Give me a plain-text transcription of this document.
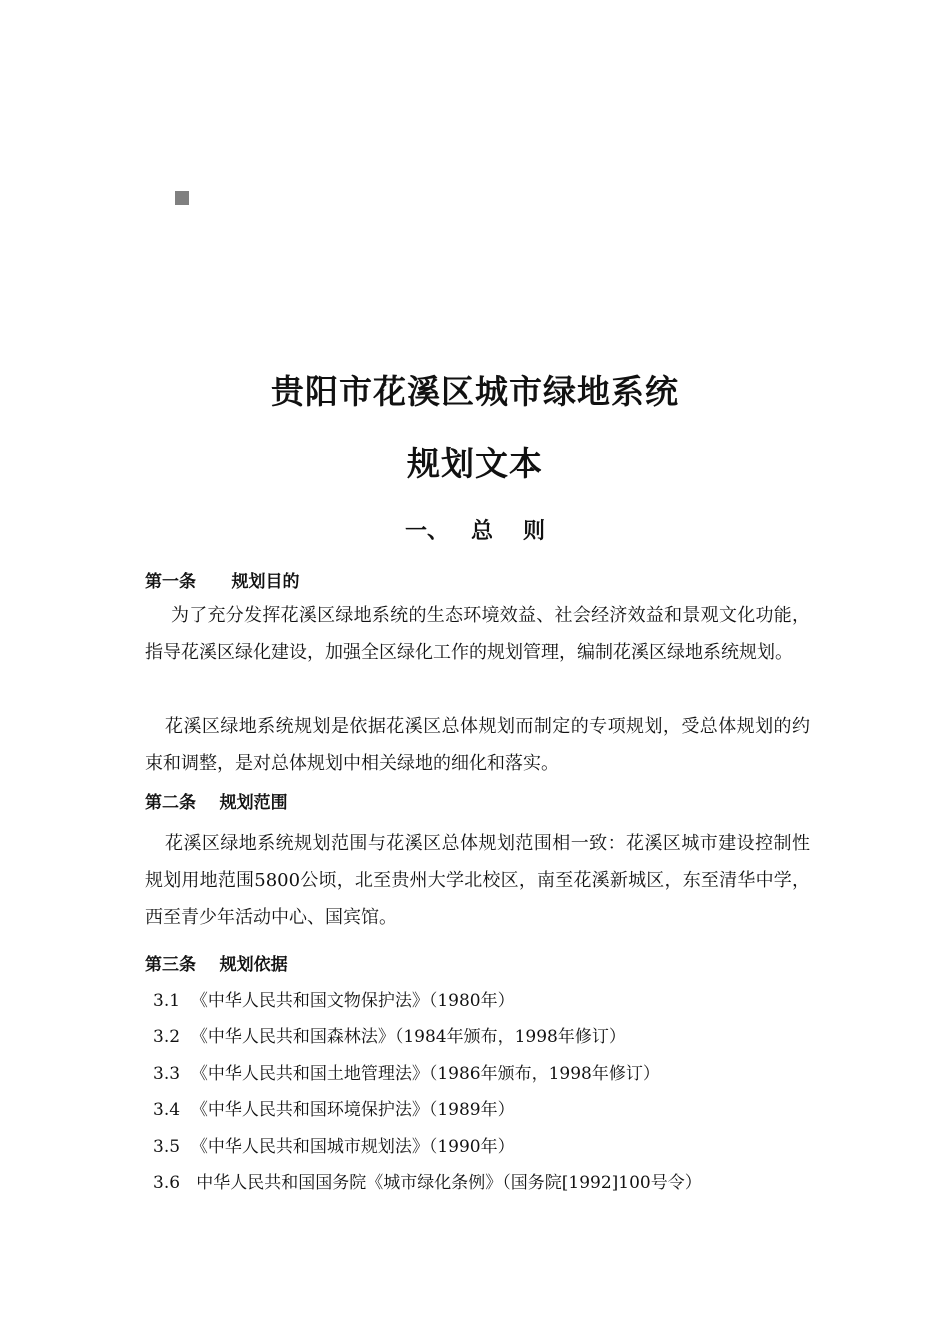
贵阳市花溪区城市绿地系统
规划文本
一、 总 则
第一条      规划目的

为了充分发挥花溪区绿地系统的生态环境效益、社会经济效益和景观文化功能，指导花溪区绿化建设，加强全区绿化工作的规划管理，编制花溪区绿地系统规划。

花溪区绿地系统规划是依据花溪区总体规划而制定的专项规划，受总体规划的约束和调整，是对总体规划中相关绿地的细化和落实。

第二条    规划范围

花溪区绿地系统规划范围与花溪区总体规划范围相一致：花溪区城市建设控制性规划用地范围5800公顷，北至贵州大学北校区，南至花溪新城区，东至清华中学，西至青少年活动中心、国宾馆。

第三条    规划依据
3.1  《中华人民共和国文物保护法》（1980年）
3.2  《中华人民共和国森林法》（1984年颁布，1998年修订）
3.3  《中华人民共和国土地管理法》（1986年颁布，1998年修订）
3.4  《中华人民共和国环境保护法》（1989年）
3.5  《中华人民共和国城市规划法》（1990年）
3.6   中华人民共和国国务院《城市绿化条例》（国务院[1992]100号令）
